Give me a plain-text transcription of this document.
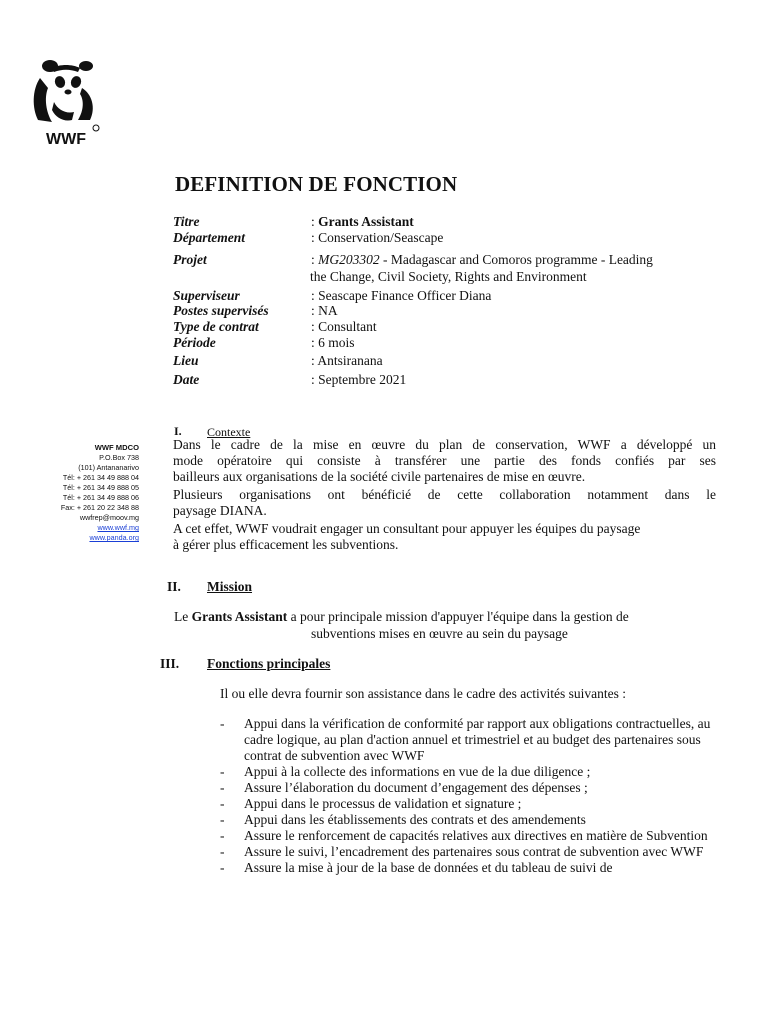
WWF
DEFINITION DE FONCTION
Titre	: Grants Assistant
Département	: Conservation/Seascape
Projet	: MG203302 - Madagascar and Comoros programme - Leading
the Change, Civil Society, Rights and Environment
Superviseur	: Seascape Finance Officer Diana
Postes supervisés	: NA
Type de contrat	: Consultant
Période	: 6 mois
Lieu	: Antsiranana
Date	: Septembre 2021
WWF MDCO
P.O.Box 738
(101) Antananarivo
Tél: + 261 34 49 888 04
Tél: + 261 34 49 888 05
Tél: + 261 34 49 888 06
Fax: + 261 20 22 348 88
wwfrep@moov.mg
www.wwf.mg
www.panda.org
I. Contexte
Dans le cadre de la mise en œuvre du plan de conservation, WWF a développé un
mode opératoire qui consiste à transférer une partie des fonds confiés par ses
bailleurs aux organisations de la société civile partenaires de mise en œuvre.
Plusieurs organisations ont bénéficié de cette collaboration notamment dans le
paysage DIANA.
A cet effet, WWF voudrait engager un consultant pour appuyer les équipes du paysage
à gérer plus efficacement les subventions.
II. Mission
Le Grants Assistant a pour principale mission d'appuyer l'équipe dans la gestion de
subventions mises en œuvre au sein du paysage
III. Fonctions principales
Il ou elle devra fournir son assistance dans le cadre des activités suivantes :
-	Appui dans la vérification de conformité par rapport aux obligations contractuelles, au cadre logique, au plan d'action annuel et trimestriel et au budget des partenaires sous contrat de subvention avec WWF
-	Appui à la collecte des informations en vue de la due diligence ;
-	Assure l’élaboration du document d’engagement des dépenses ;
-	Appui dans le processus de validation et signature ;
-	Appui dans les établissements des contrats et des amendements
-	Assure le renforcement de capacités relatives aux directives en matière de Subvention
-	Assure le suivi, l’encadrement des partenaires sous contrat de subvention avec WWF
-	Assure la mise à jour de la base de données et du tableau de suivi de
